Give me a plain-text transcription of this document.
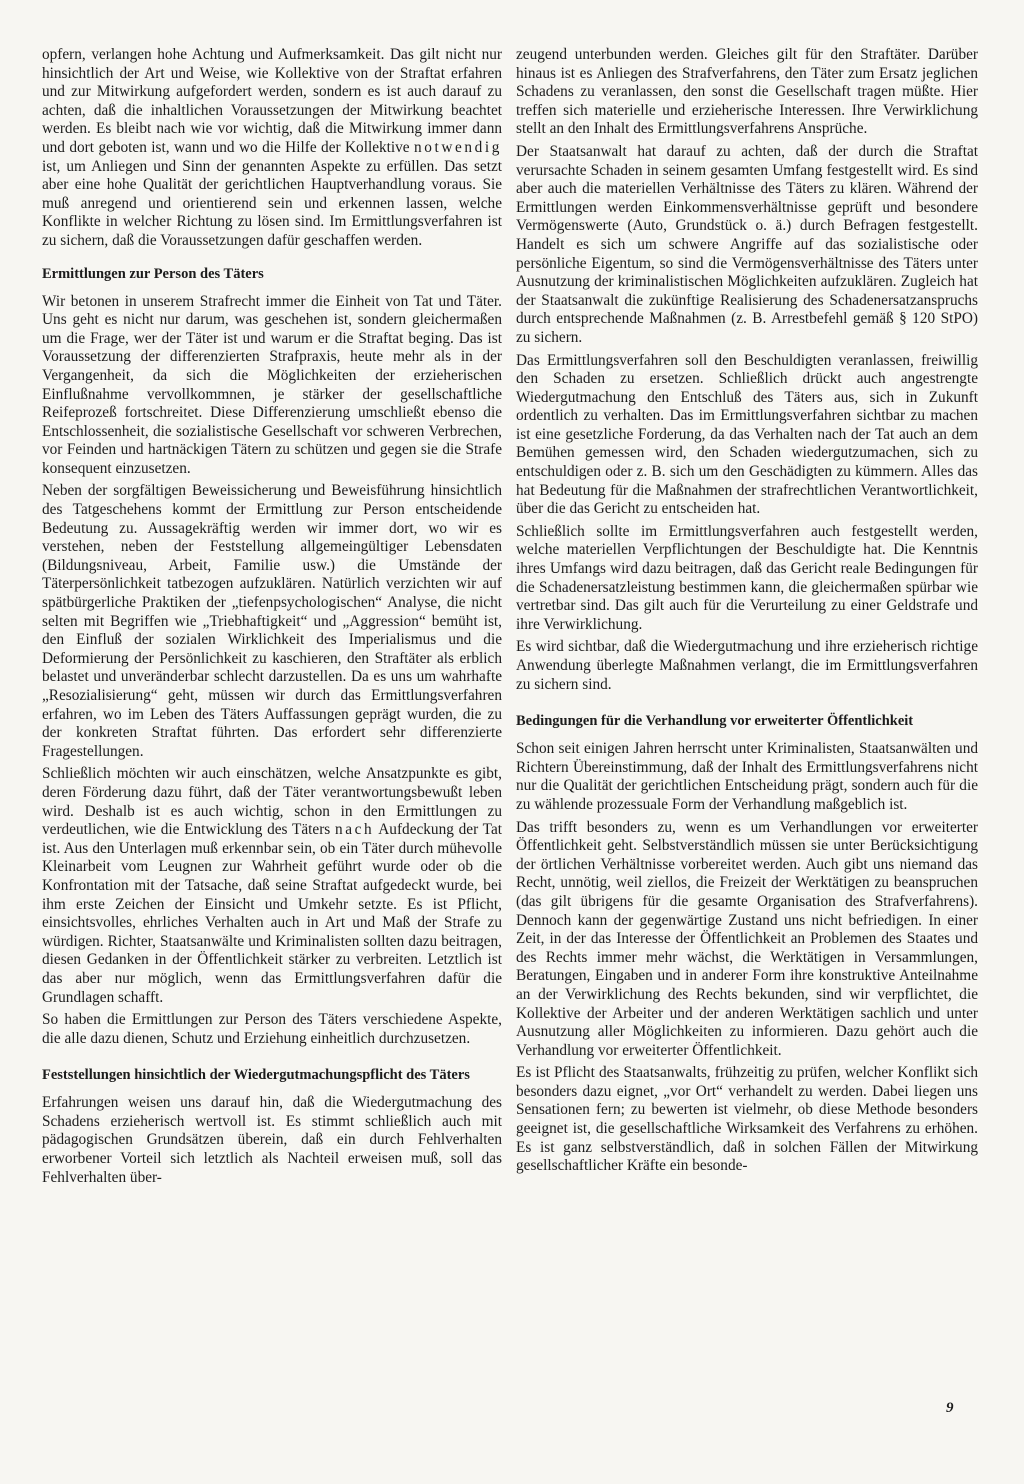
opfern, verlangen hohe Achtung und Aufmerksamkeit. Das gilt nicht nur hinsichtlich der Art und Weise, wie Kollektive von der Straftat erfahren und zur Mitwirkung aufgefordert werden, sondern es ist auch darauf zu achten, daß die inhaltlichen Voraussetzungen der Mitwirkung beachtet werden. Es bleibt nach wie vor wichtig, daß die Mitwirkung immer dann und dort geboten ist, wann und wo die Hilfe der Kollektive notwendig ist, um Anliegen und Sinn der genannten Aspekte zu erfüllen. Das setzt aber eine hohe Qualität der gerichtlichen Hauptverhandlung voraus. Sie muß anregend und orientierend sein und erkennen lassen, welche Konflikte in welcher Richtung zu lösen sind. Im Ermittlungsverfahren ist zu sichern, daß die Voraussetzungen dafür geschaffen werden.

Ermittlungen zur Person des Täters

Wir betonen in unserem Strafrecht immer die Einheit von Tat und Täter. Uns geht es nicht nur darum, was geschehen ist, sondern gleichermaßen um die Frage, wer der Täter ist und warum er die Straftat beging. Das ist Voraussetzung der differenzierten Strafpraxis, heute mehr als in der Vergangenheit, da sich die Möglichkeiten der erzieherischen Einflußnahme vervollkommnen, je stärker der gesellschaftliche Reifeprozeß fortschreitet. Diese Differenzierung umschließt ebenso die Entschlossenheit, die sozialistische Gesellschaft vor schweren Verbrechen, vor Feinden und hartnäckigen Tätern zu schützen und gegen sie die Strafe konsequent einzusetzen.

Neben der sorgfältigen Beweissicherung und Beweisführung hinsichtlich des Tatgeschehens kommt der Ermittlung zur Person entscheidende Bedeutung zu. Aussagekräftig werden wir immer dort, wo wir es verstehen, neben der Feststellung allgemeingültiger Lebensdaten (Bildungsniveau, Arbeit, Familie usw.) die Umstände der Täterpersönlichkeit tatbezogen aufzuklären. Natürlich verzichten wir auf spätbürgerliche Praktiken der „tiefenpsychologischen“ Analyse, die nicht selten mit Begriffen wie „Triebhaftigkeit“ und „Aggression“ bemüht ist, den Einfluß der sozialen Wirklichkeit des Imperialismus und die Deformierung der Persönlichkeit zu kaschieren, den Straftäter als erblich belastet und unveränderbar schlecht darzustellen. Da es uns um wahrhafte „Resozialisierung“ geht, müssen wir durch das Ermittlungsverfahren erfahren, wo im Leben des Täters Auffassungen geprägt wurden, die zu der konkreten Straftat führten. Das erfordert sehr differenzierte Fragestellungen.

Schließlich möchten wir auch einschätzen, welche Ansatzpunkte es gibt, deren Förderung dazu führt, daß der Täter verantwortungsbewußt leben wird. Deshalb ist es auch wichtig, schon in den Ermittlungen zu verdeutlichen, wie die Entwicklung des Täters nach Aufdeckung der Tat ist. Aus den Unterlagen muß erkennbar sein, ob ein Täter durch mühevolle Kleinarbeit vom Leugnen zur Wahrheit geführt wurde oder ob die Konfrontation mit der Tatsache, daß seine Straftat aufgedeckt wurde, bei ihm erste Zeichen der Einsicht und Umkehr setzte. Es ist Pflicht, einsichtsvolles, ehrliches Verhalten auch in Art und Maß der Strafe zu würdigen. Richter, Staatsanwälte und Kriminalisten sollten dazu beitragen, diesen Gedanken in der Öffentlichkeit stärker zu verbreiten. Letztlich ist das aber nur möglich, wenn das Ermittlungsverfahren dafür die Grundlagen schafft.

So haben die Ermittlungen zur Person des Täters verschiedene Aspekte, die alle dazu dienen, Schutz und Erziehung einheitlich durchzusetzen.

Feststellungen hinsichtlich der Wiedergutmachungspflicht des Täters

Erfahrungen weisen uns darauf hin, daß die Wiedergutmachung des Schadens erzieherisch wertvoll ist. Es stimmt schließlich auch mit pädagogischen Grundsätzen überein, daß ein durch Fehlverhalten erworbener Vorteil sich letztlich als Nachteil erweisen muß, soll das Fehlverhalten über-

zeugend unterbunden werden. Gleiches gilt für den Straftäter. Darüber hinaus ist es Anliegen des Strafverfahrens, den Täter zum Ersatz jeglichen Schadens zu veranlassen, den sonst die Gesellschaft tragen müßte. Hier treffen sich materielle und erzieherische Interessen. Ihre Verwirklichung stellt an den Inhalt des Ermittlungsverfahrens Ansprüche.

Der Staatsanwalt hat darauf zu achten, daß der durch die Straftat verursachte Schaden in seinem gesamten Umfang festgestellt wird. Es sind aber auch die materiellen Verhältnisse des Täters zu klären. Während der Ermittlungen werden Einkommensverhältnisse geprüft und besondere Vermögenswerte (Auto, Grundstück o. ä.) durch Befragen festgestellt. Handelt es sich um schwere Angriffe auf das sozialistische oder persönliche Eigentum, so sind die Vermögensverhältnisse des Täters unter Ausnutzung der kriminalistischen Möglichkeiten aufzuklären. Zugleich hat der Staatsanwalt die zukünftige Realisierung des Schadenersatzanspruchs durch entsprechende Maßnahmen (z. B. Arrestbefehl gemäß § 120 StPO) zu sichern.

Das Ermittlungsverfahren soll den Beschuldigten veranlassen, freiwillig den Schaden zu ersetzen. Schließlich drückt auch angestrengte Wiedergutmachung den Entschluß des Täters aus, sich in Zukunft ordentlich zu verhalten. Das im Ermittlungsverfahren sichtbar zu machen ist eine gesetzliche Forderung, da das Verhalten nach der Tat auch an dem Bemühen gemessen wird, den Schaden wiedergutzumachen, sich zu entschuldigen oder z. B. sich um den Geschädigten zu kümmern. Alles das hat Bedeutung für die Maßnahmen der strafrechtlichen Verantwortlichkeit, über die das Gericht zu entscheiden hat.

Schließlich sollte im Ermittlungsverfahren auch festgestellt werden, welche materiellen Verpflichtungen der Beschuldigte hat. Die Kenntnis ihres Umfangs wird dazu beitragen, daß das Gericht reale Bedingungen für die Schadenersatzleistung bestimmen kann, die gleichermaßen spürbar wie vertretbar sind. Das gilt auch für die Verurteilung zu einer Geldstrafe und ihre Verwirklichung.

Es wird sichtbar, daß die Wiedergutmachung und ihre erzieherisch richtige Anwendung überlegte Maßnahmen verlangt, die im Ermittlungsverfahren zu sichern sind.

Bedingungen für die Verhandlung vor erweiterter Öffentlichkeit

Schon seit einigen Jahren herrscht unter Kriminalisten, Staatsanwälten und Richtern Übereinstimmung, daß der Inhalt des Ermittlungsverfahrens nicht nur die Qualität der gerichtlichen Entscheidung prägt, sondern auch für die zu wählende prozessuale Form der Verhandlung maßgeblich ist.

Das trifft besonders zu, wenn es um Verhandlungen vor erweiterter Öffentlichkeit geht. Selbstverständlich müssen sie unter Berücksichtigung der örtlichen Verhältnisse vorbereitet werden. Auch gibt uns niemand das Recht, unnötig, weil ziellos, die Freizeit der Werktätigen zu beanspruchen (das gilt übrigens für die gesamte Organisation des Strafverfahrens). Dennoch kann der gegenwärtige Zustand uns nicht befriedigen. In einer Zeit, in der das Interesse der Öffentlichkeit an Problemen des Staates und des Rechts immer mehr wächst, die Werktätigen in Versammlungen, Beratungen, Eingaben und in anderer Form ihre konstruktive Anteilnahme an der Verwirklichung des Rechts bekunden, sind wir verpflichtet, die Kollektive der Arbeiter und der anderen Werktätigen sachlich und unter Ausnutzung aller Möglichkeiten zu informieren. Dazu gehört auch die Verhandlung vor erweiterter Öffentlichkeit.

Es ist Pflicht des Staatsanwalts, frühzeitig zu prüfen, welcher Konflikt sich besonders dazu eignet, „vor Ort“ verhandelt zu werden. Dabei liegen uns Sensationen fern; zu bewerten ist vielmehr, ob diese Methode besonders geeignet ist, die gesellschaftliche Wirksamkeit des Verfahrens zu erhöhen. Es ist ganz selbstverständlich, daß in solchen Fällen der Mitwirkung gesellschaftlicher Kräfte ein besonde-

9
